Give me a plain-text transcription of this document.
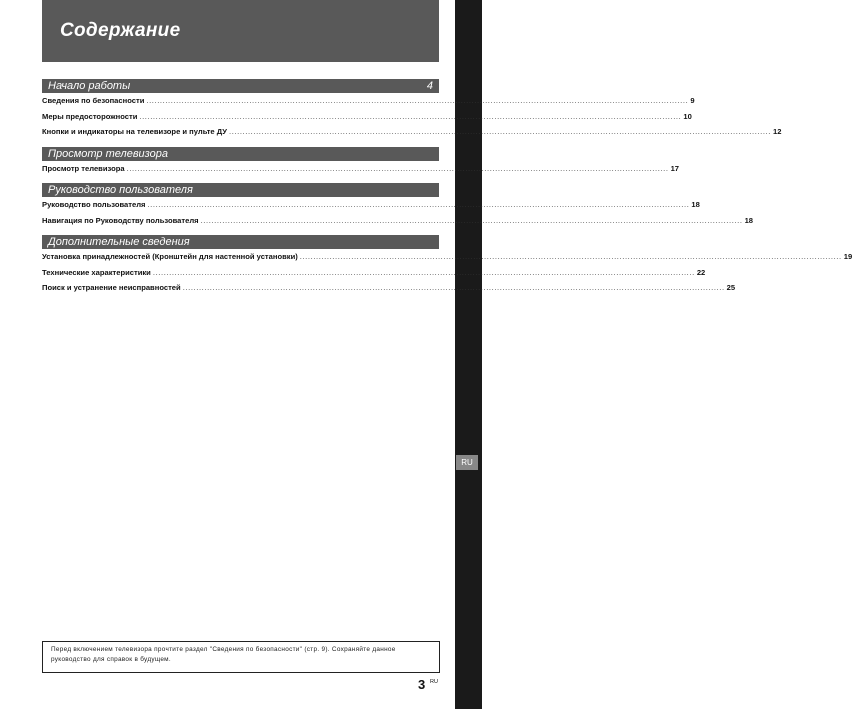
Содержание
RU
Начало работы	4
Сведения по безопасности ........................................................................................................................................................................................................ 9
Меры предосторожности ........................................................................................................................................................................................................ 10
Кнопки и индикаторы на телевизоре и пульте ДУ ........................................................................................................................................................................................................ 12
Просмотр телевизора
Просмотр телевизора ........................................................................................................................................................................................................ 17
Руководство пользователя
Руководство пользователя ........................................................................................................................................................................................................ 18
Навигация по Руководству пользователя ........................................................................................................................................................................................................ 18
Дополнительные сведения
Установка принадлежностей (Кронштейн для настенной установки) ........................................................................................................................................................................................................ 19
Технические характеристики ........................................................................................................................................................................................................ 22
Поиск и устранение неисправностей ........................................................................................................................................................................................................ 25
Перед включением телевизора прочтите раздел "Сведения по безопасности" (стр. 9). Сохраняйте данное руководство для справок в будущем.
3 RU
